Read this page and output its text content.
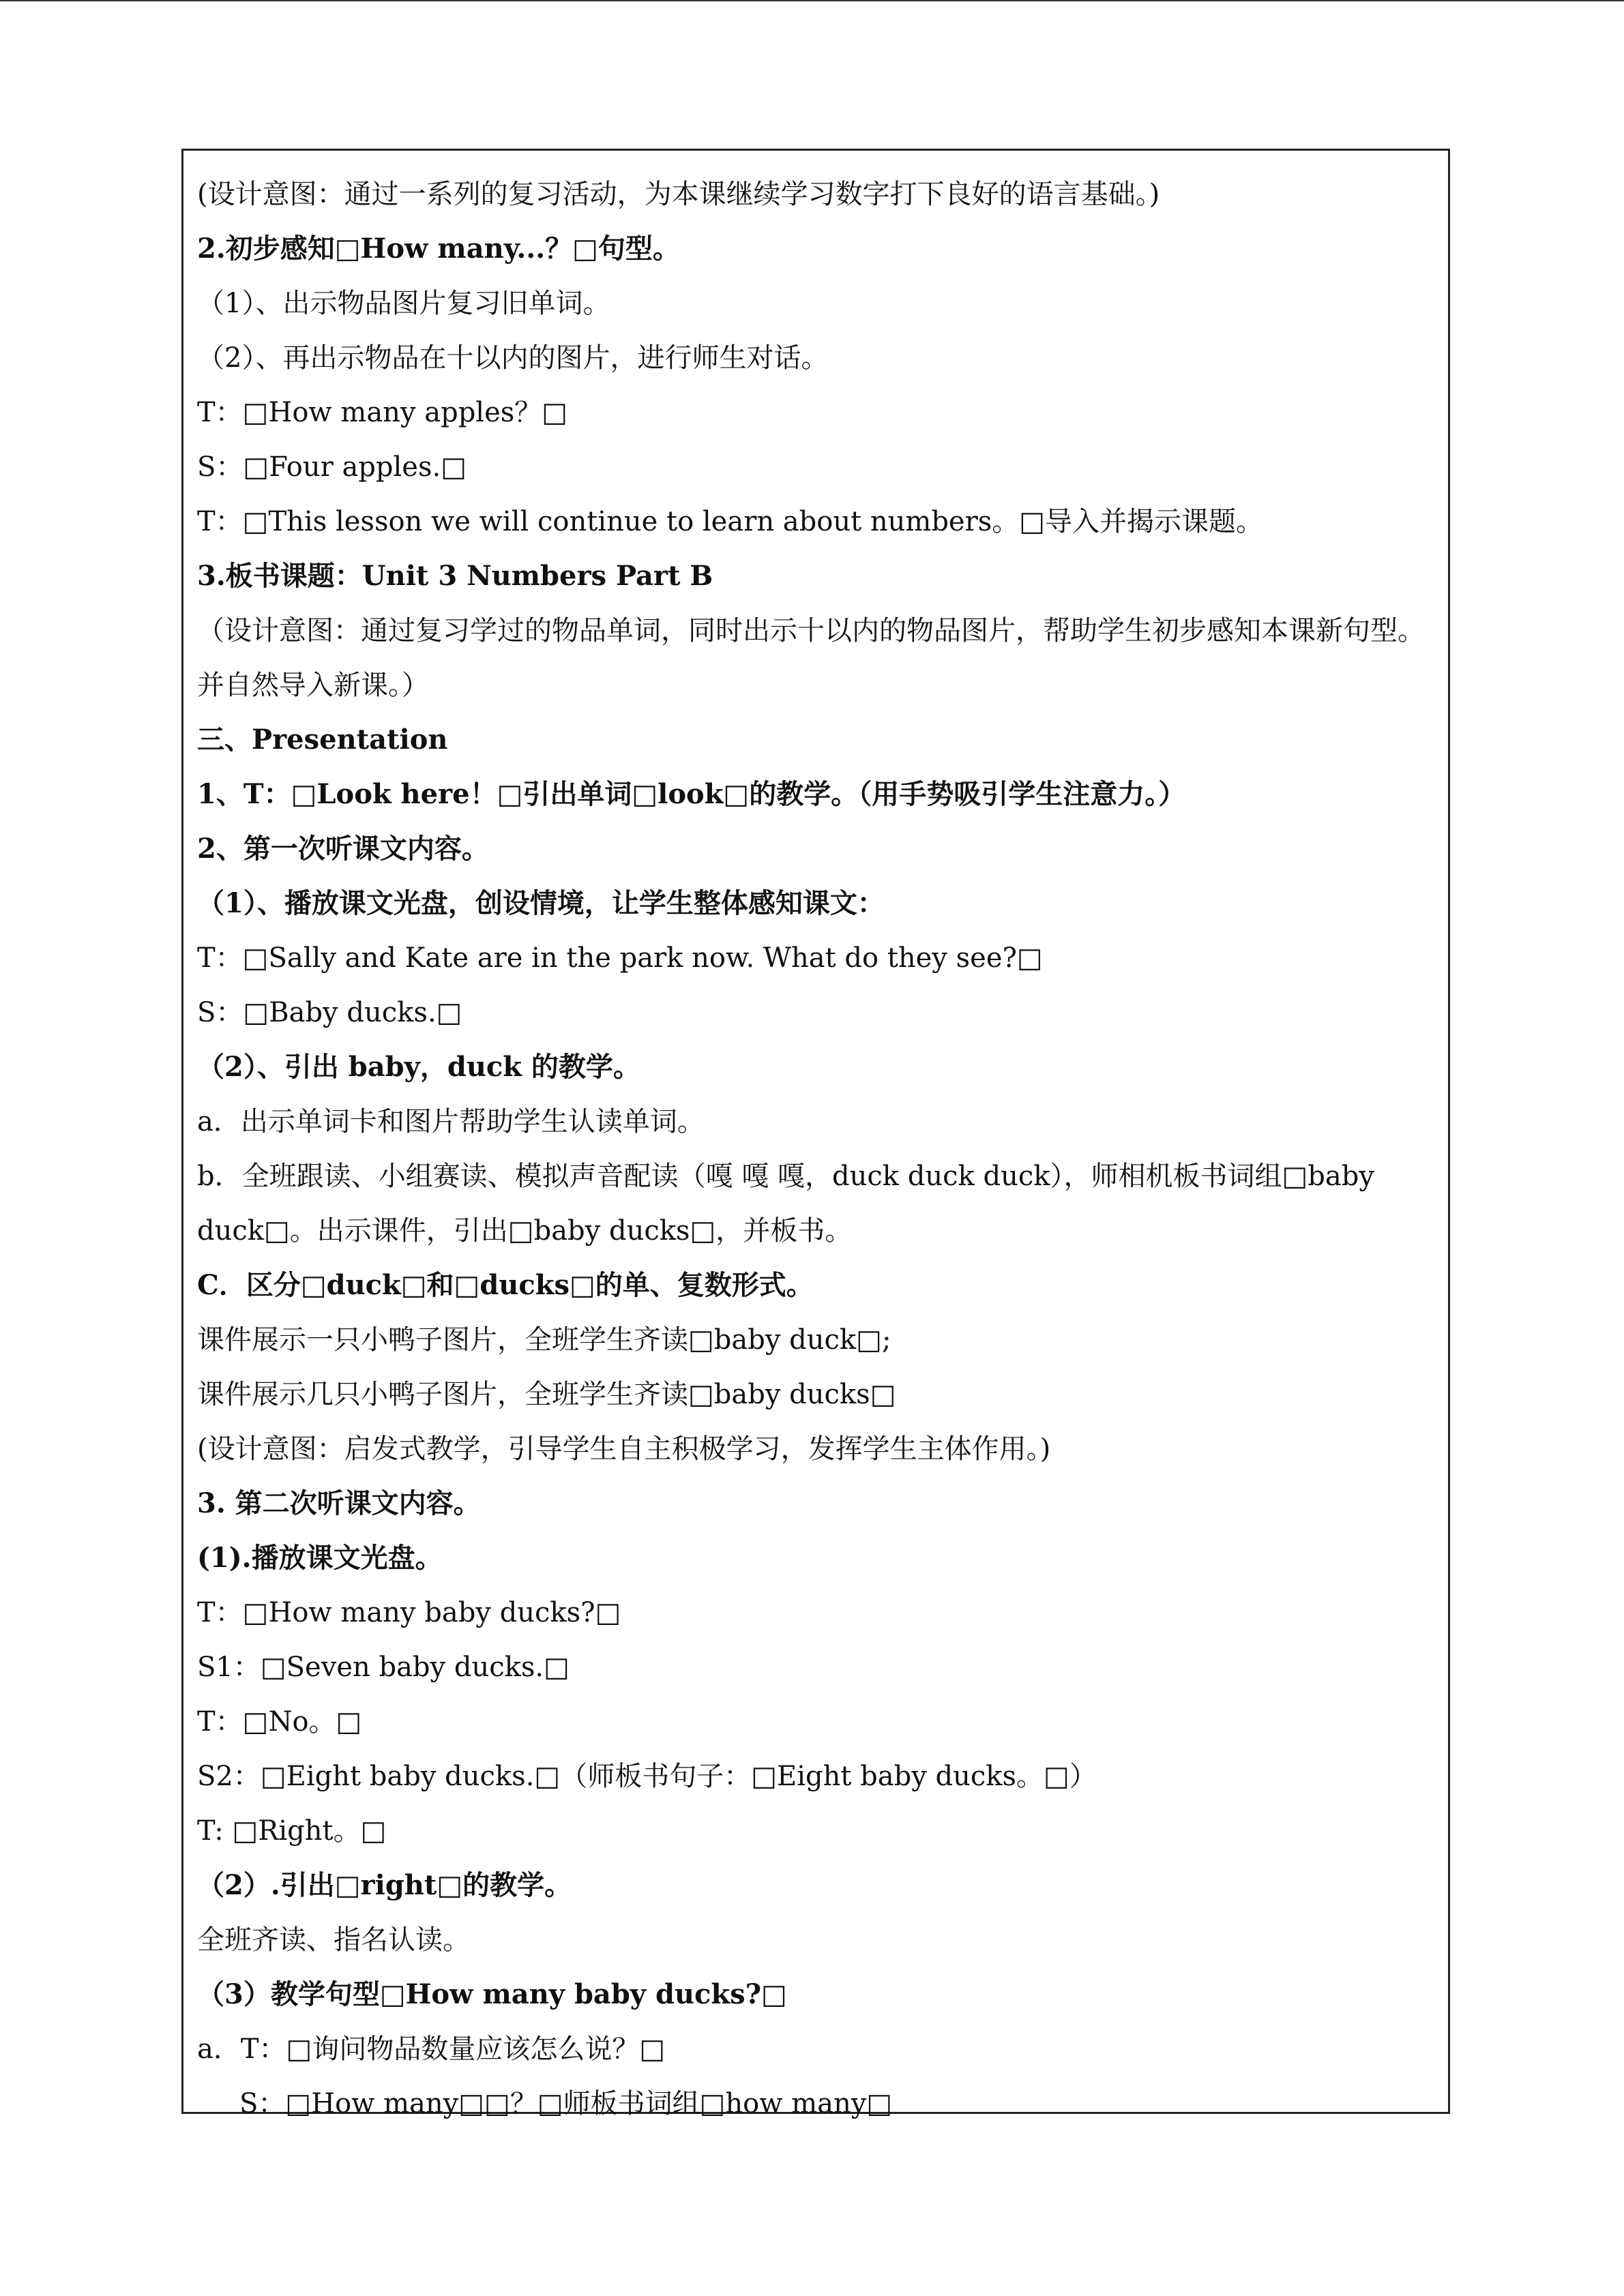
(设计意图：通过一系列的复习活动，为本课继续学习数字打下良好的语言基础。)
2.初步感知□How many...？□句型。
（1）、出示物品图片复习旧单词。
（2）、再出示物品在十以内的图片，进行师生对话。
T：□How many apples？□
S：□Four apples.□
T：□This lesson we will continue to learn about numbers。□导入并揭示课题。
3.板书课题：Unit 3 Numbers Part B
（设计意图：通过复习学过的物品单词，同时出示十以内的物品图片，帮助学生初步感知本课新句型。并自然导入新课。）
三、Presentation
1、T：□Look here！□引出单词□look□的教学。（用手势吸引学生注意力。）
2、第一次听课文内容。
（1）、播放课文光盘，创设情境，让学生整体感知课文：
T：□Sally and Kate are in the park now. What do they see?□
S：□Baby ducks.□
（2）、引出 baby，duck 的教学。
a．出示单词卡和图片帮助学生认读单词。
b．全班跟读、小组赛读、模拟声音配读（嘎 嘎 嘎，duck duck duck），师相机板书词组□baby duck□。出示课件，引出□baby ducks□，并板书。
C．区分□duck□和□ducks□的单、复数形式。
课件展示一只小鸭子图片，全班学生齐读□baby duck□;
课件展示几只小鸭子图片，全班学生齐读□baby ducks□
(设计意图：启发式教学，引导学生自主积极学习，发挥学生主体作用。)
3. 第二次听课文内容。
(1).播放课文光盘。
T：□How many baby ducks?□
S1：□Seven baby ducks.□
T：□No。□
S2：□Eight baby ducks.□（师板书句子：□Eight baby ducks。□）
T: □Right。□
（2）.引出□right□的教学。
全班齐读、指名认读。
（3）教学句型□How many baby ducks?□
a．T：□询问物品数量应该怎么说？□
S：□How many□□？□师板书词组□how many□
